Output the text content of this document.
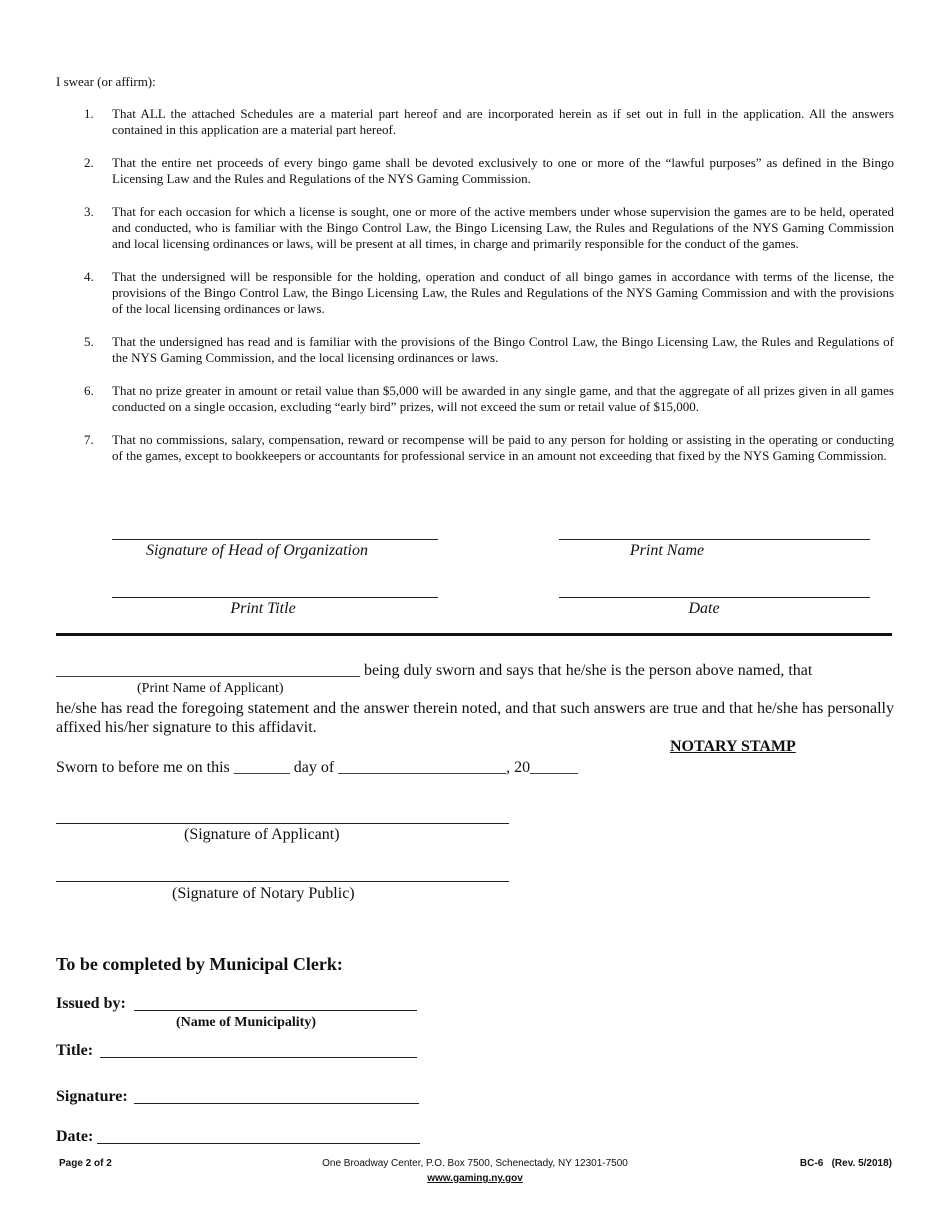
I swear (or affirm):
1. That ALL the attached Schedules are a material part hereof and are incorporated herein as if set out in full in the application. All the answers contained in this application are a material part hereof.
2. That the entire net proceeds of every bingo game shall be devoted exclusively to one or more of the “lawful purposes” as defined in the Bingo Licensing Law and the Rules and Regulations of the NYS Gaming Commission.
3. That for each occasion for which a license is sought, one or more of the active members under whose supervision the games are to be held, operated and conducted, who is familiar with the Bingo Control Law, the Bingo Licensing Law, the Rules and Regulations of the NYS Gaming Commission and local licensing ordinances or laws, will be present at all times, in charge and primarily responsible for the conduct of the games.
4. That the undersigned will be responsible for the holding, operation and conduct of all bingo games in accordance with terms of the license, the provisions of the Bingo Control Law, the Bingo Licensing Law, the Rules and Regulations of the NYS Gaming Commission and with the provisions of the local licensing ordinances or laws.
5. That the undersigned has read and is familiar with the provisions of the Bingo Control Law, the Bingo Licensing Law, the Rules and Regulations of the NYS Gaming Commission, and the local licensing ordinances or laws.
6. That no prize greater in amount or retail value than $5,000 will be awarded in any single game, and that the aggregate of all prizes given in all games conducted on a single occasion, excluding “early bird” prizes, will not exceed the sum or retail value of $15,000.
7. That no commissions, salary, compensation, reward or recompense will be paid to any person for holding or assisting in the operating or conducting of the games, except to bookkeepers or accountants for professional service in an amount not exceeding that fixed by the NYS Gaming Commission.
Signature of Head of Organization	Print Name
Print Title	Date
______________________________________ being duly sworn and says that he/she is the person above named, that
(Print Name of Applicant)
he/she has read the foregoing statement and the answer therein noted, and that such answers are true and that he/she has personally affixed his/her signature to this affidavit.
NOTARY STAMP
Sworn to before me on this _______ day of _____________________, 20______
(Signature of Applicant)
(Signature of Notary Public)
To be completed by Municipal Clerk:
Issued by:
(Name of Municipality)
Title:
Signature:
Date:
Page 2 of 2	One Broadway Center, P.O. Box 7500, Schenectady, NY 12301-7500
www.gaming.ny.gov
BC-6   (Rev. 5/2018)
